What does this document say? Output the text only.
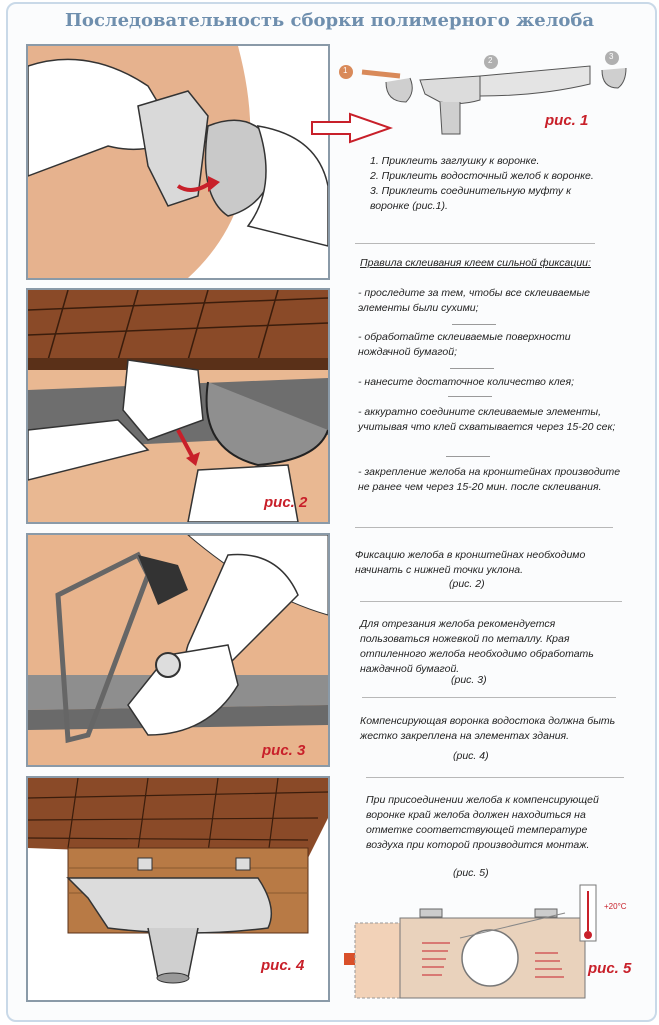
Последовательность сборки полимерного желоба
рис. 1
1
2	3
1. Приклеить заглушку к воронке.
2. Приклеить водосточный желоб к воронке.
3. Приклеить соединительную муфту к воронке (рис.1).
Правила склеивания клеем сильной фиксации:
- проследите за тем, чтобы все склеиваемые элементы были сухими;
- обработайте склеиваемые поверхности нождачной бумагой;
- нанесите достаточное количество клея;
- аккуратно соедините склеиваемые элементы, учитывая что клей схватывается через 15-20 сек;
- закрепление желоба на кронштейнах производите не ранее чем через 15-20 мин. после склеивания.
рис. 2
Фиксацию желоба в кронштейнах необходимо начинать с нижней точки уклона.
(рис. 2)
рис. 3
Для отрезания желоба рекомендуется пользоваться ножевкой по металлу. Края отпиленного желоба необходимо обработать наждачной бумагой.
(рис. 3)
Компенсирующая воронка водостока должна быть жестко закреплена на элементах здания.
(рис. 4)
рис. 4
При присоединении желоба к компенсирующей воронке край желоба должен находиться на отметке соответствующей температуре воздуха при которой производится монтаж.
(рис. 5)
+20°C
рис. 5
